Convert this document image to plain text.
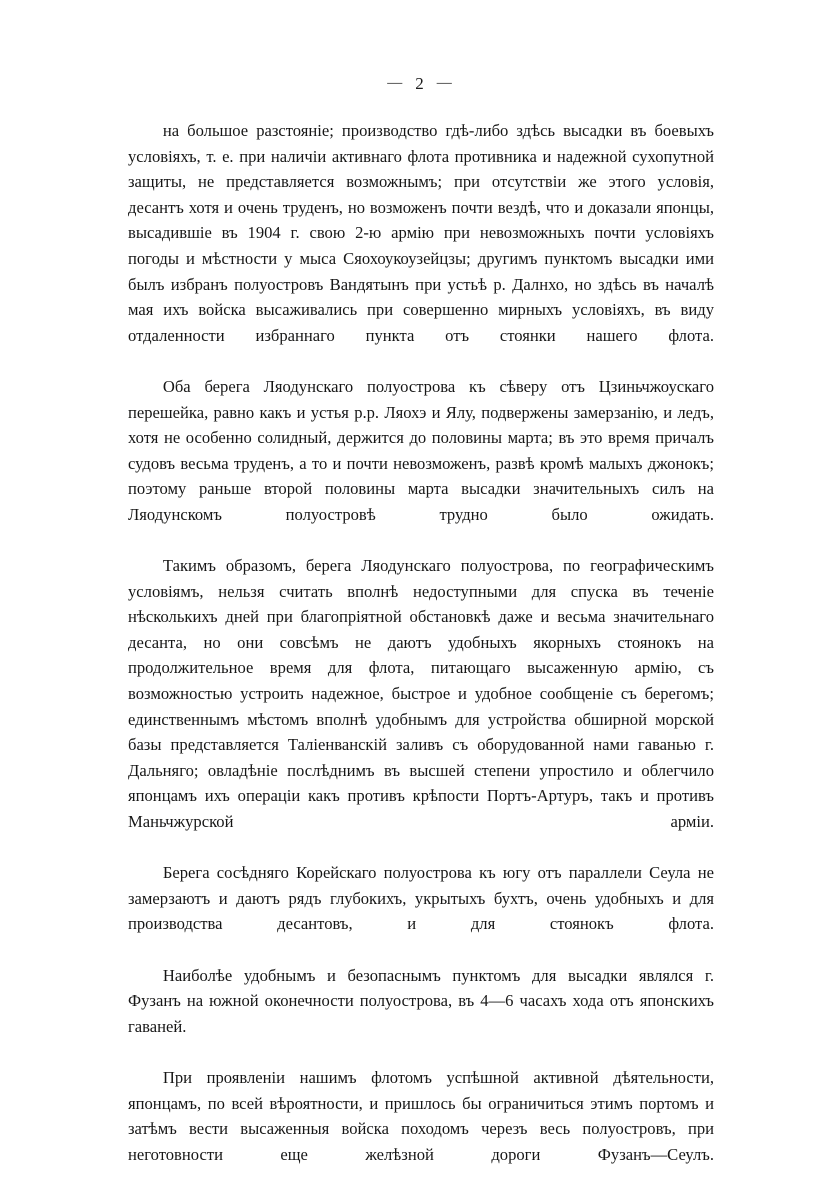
— 2 —

на большое разстояніе; производство гдѣ-либо здѣсь высадки въ боевыхъ условіяхъ, т. е. при наличіи активнаго флота противника и надежной сухопутной защиты, не представляется возможнымъ; при отсутствіи же этого условія, десантъ хотя и очень труденъ, но возможенъ почти вездѣ, что и доказали японцы, высадившіе въ 1904 г. свою 2-ю армію при невозможныхъ почти условіяхъ погоды и мѣстности у мыса Сяохоукоузейцзы; другимъ пунктомъ высадки ими былъ избранъ полуостровъ Вандятынъ при устьѣ р. Далнхо, но здѣсь въ началѣ мая ихъ войска высаживались при совершенно мирныхъ условіяхъ, въ виду отдаленности избраннаго пункта отъ стоянки нашего флота.

Оба берега Ляодунскаго полуострова къ сѣверу отъ Цзиньчжоускаго перешейка, равно какъ и устья р.р. Ляохэ и Ялу, подвержены замерзанію, и ледъ, хотя не особенно солидный, держится до половины марта; въ это время причалъ судовъ весьма труденъ, а то и почти невозможенъ, развѣ кромѣ малыхъ джонокъ; поэтому раньше второй половины марта высадки значительныхъ силъ на Ляодунскомъ полуостровѣ трудно было ожидать.

Такимъ образомъ, берега Ляодунскаго полуострова, по географическимъ условіямъ, нельзя считать вполнѣ недоступными для спуска въ теченіе нѣсколькихъ дней при благопріятной обстановкѣ даже и весьма значительнаго десанта, но они совсѣмъ не даютъ удобныхъ якорныхъ стоянокъ на продолжительное время для флота, питающаго высаженную армію, съ возможностью устроить надежное, быстрое и удобное сообщеніе съ берегомъ; единственнымъ мѣстомъ вполнѣ удобнымъ для устройства обширной морской базы представляется Таліенванскій заливъ съ оборудованной нами гаванью г. Дальняго; овладѣніе послѣднимъ въ высшей степени упростило и облегчило японцамъ ихъ операціи какъ противъ крѣпости Портъ-Артуръ, такъ и противъ Маньчжурской арміи.

Берега сосѣдняго Корейскаго полуострова къ югу отъ параллели Сеула не замерзаютъ и даютъ рядъ глубокихъ, укрытыхъ бухтъ, очень удобныхъ и для производства десантовъ, и для стоянокъ флота.

Наиболѣе удобнымъ и безопаснымъ пунктомъ для высадки являлся г. Фузанъ на южной оконечности полуострова, въ 4—6 часахъ хода отъ японскихъ гаваней.

При проявленіи нашимъ флотомъ успѣшной активной дѣятельности, японцамъ, по всей вѣроятности, и пришлось бы ограничиться этимъ портомъ и затѣмъ вести высаженныя войска походомъ черезъ весь полуостровъ, при неготовности еще желѣзной дороги Фузанъ—Сеулъ.
